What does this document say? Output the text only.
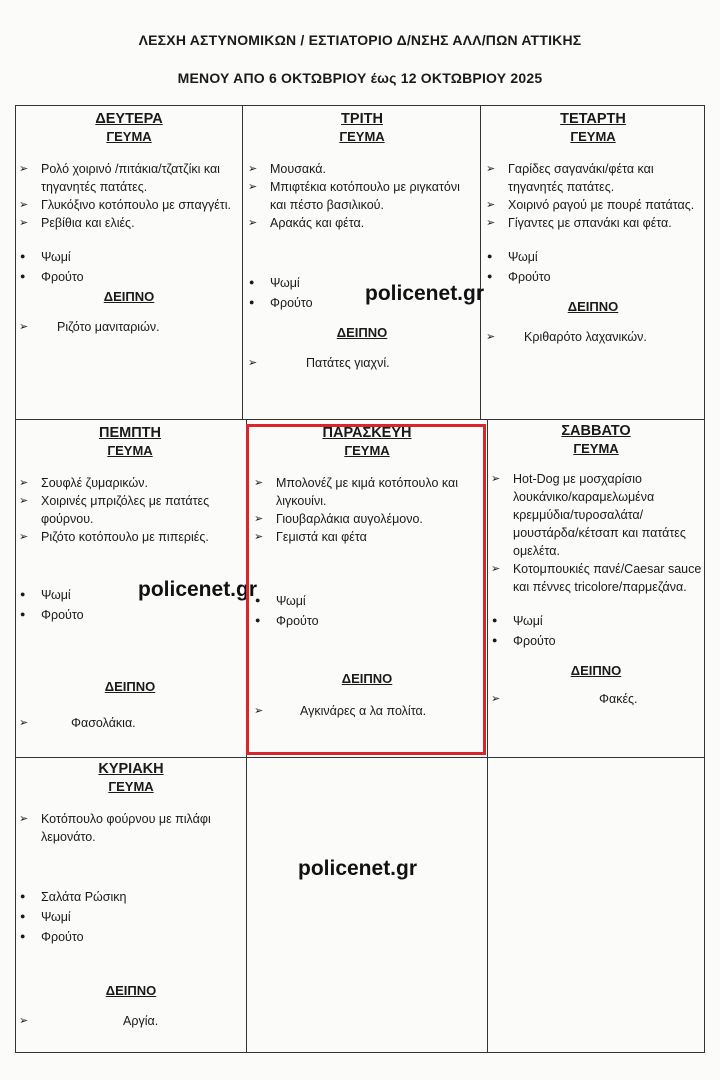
ΛΕΣΧΗ ΑΣΤΥΝΟΜΙΚΩΝ / ΕΣΤΙΑΤΟΡΙΟ Δ/ΝΣΗΣ ΑΛΛ/ΠΩΝ ΑΤΤΙΚΗΣ
ΜΕΝΟΥ ΑΠΟ 6 ΟΚΤΩΒΡΙΟΥ έως 12 ΟΚΤΩΒΡΙΟΥ 2025
ΔΕΥΤΕΡΑ
ΓΕΥΜΑ
➢ Ρολό χοιρινό /πιτάκια/τζατζίκι και τηγανητές πατάτες.
➢ Γλυκόξινο κοτόπουλο με σπαγγέτι.
➢ Ρεβίθια και ελιές.
● Ψωμί
● Φρούτο
ΔΕΙΠΝΟ
➢ Ριζότο μανιταριών.
ΤΡΙΤΗ
ΓΕΥΜΑ
➢ Μουσακά.
➢ Μπιφτέκια κοτόπουλο με ριγκατόνι και πέστο βασιλικού.
➢ Αρακάς και φέτα.
● Ψωμί
● Φρούτο
ΔΕΙΠΝΟ
➢ Πατάτες γιαχνί.
ΤΕΤΑΡΤΗ
ΓΕΥΜΑ
➢ Γαρίδες σαγανάκι/φέτα και τηγανητές πατάτες.
➢ Χοιρινό ραγού με πουρέ πατάτας.
➢ Γίγαντες με σπανάκι και φέτα.
● Ψωμί
● Φρούτο
ΔΕΙΠΝΟ
➢ Κριθαρότο λαχανικών.
ΠΕΜΠΤΗ
ΓΕΥΜΑ
➢ Σουφλέ ζυμαρικών.
➢ Χοιρινές μπριζόλες με πατάτες φούρνου.
➢ Ριζότο κοτόπουλο με πιπεριές.
● Ψωμί
● Φρούτο
ΔΕΙΠΝΟ
➢ Φασολάκια.
ΠΑΡΑΣΚΕΥΗ
ΓΕΥΜΑ
➢ Μπολονέζ με κιμά κοτόπουλο και λιγκουίνι.
➢ Γιουβαρλάκια αυγολέμονο.
➢ Γεμιστά και φέτα
● Ψωμί
● Φρούτο
ΔΕΙΠΝΟ
➢ Αγκινάρες α λα πολίτα.
ΣΑΒΒΑΤΟ
ΓΕΥΜΑ
➢ Hot-Dog με μοσχαρίσιο λουκάνικο/καραμελωμένα κρεμμύδια/τυροσαλάτα/ μουστάρδα/κέτσαπ και πατάτες ομελέτα.
➢ Κοτομπουκιές πανέ/Caesar sauce και πέννες tricolore/παρμεζάνα.
● Ψωμί
● Φρούτο
ΔΕΙΠΝΟ
➢ Φακές.
ΚΥΡΙΑΚΗ
ΓΕΥΜΑ
➢ Κοτόπουλο φούρνου με πιλάφι λεμονάτο.
● Σαλάτα Ρώσικη
● Ψωμί
● Φρούτο
ΔΕΙΠΝΟ
➢ Αργία.
policenet.gr
policenet.gr
policenet.gr
